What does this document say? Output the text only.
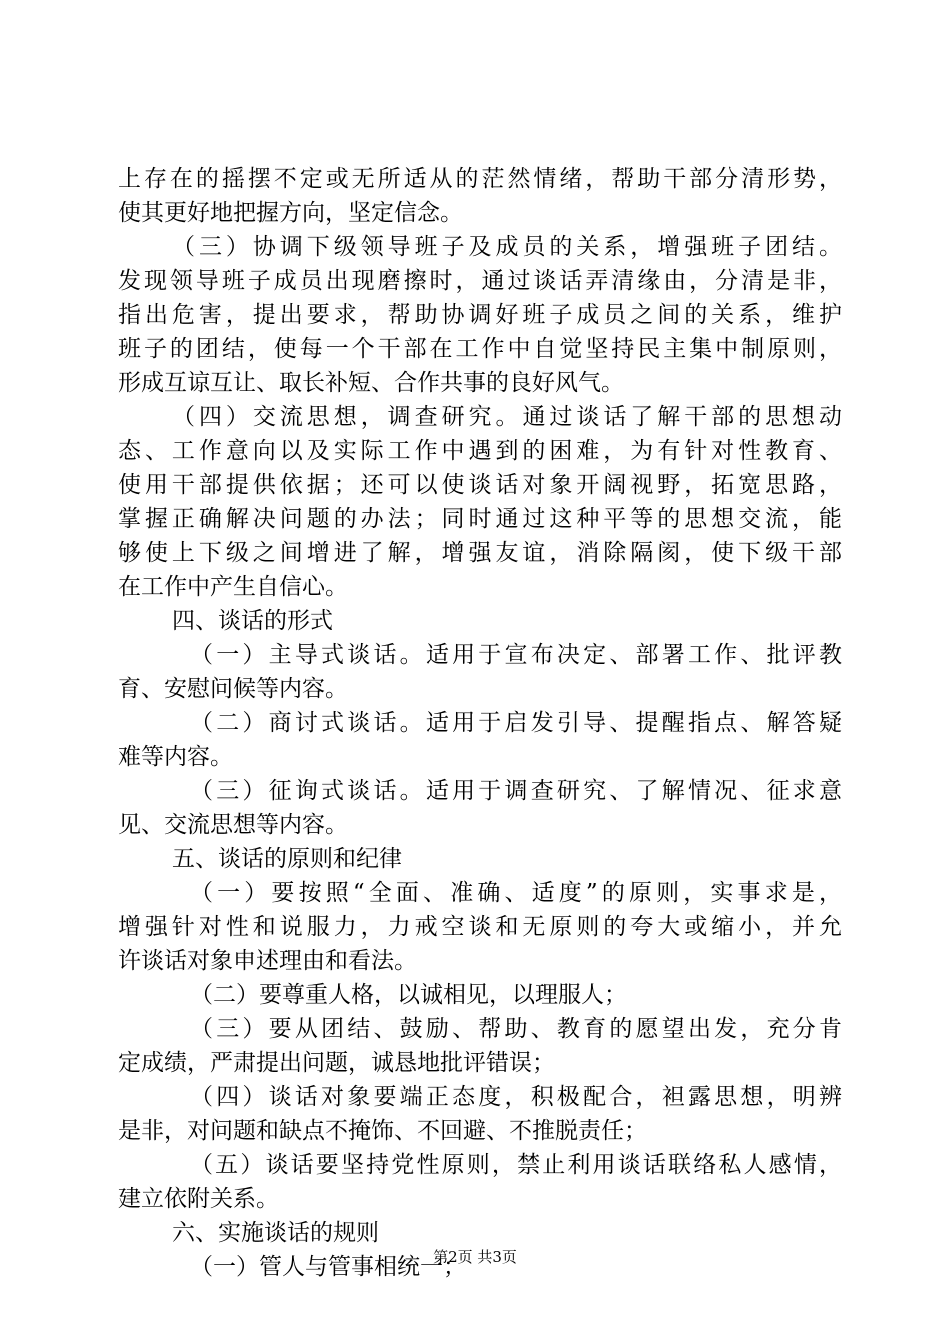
上存在的摇摆不定或无所适从的茫然情绪，帮助干部分清形势，
使其更好地把握方向，坚定信念。
（三）协调下级领导班子及成员的关系，增强班子团结。
发现领导班子成员出现磨擦时，通过谈话弄清缘由，分清是非，
指出危害，提出要求，帮助协调好班子成员之间的关系，维护
班子的团结，使每一个干部在工作中自觉坚持民主集中制原则，
形成互谅互让、取长补短、合作共事的良好风气。
（四）交流思想，调查研究。通过谈话了解干部的思想动
态、工作意向以及实际工作中遇到的困难，为有针对性教育、
使用干部提供依据；还可以使谈话对象开阔视野，拓宽思路，
掌握正确解决问题的办法；同时通过这种平等的思想交流，能
够使上下级之间增进了解，增强友谊，消除隔阂，使下级干部
在工作中产生自信心。
四、谈话的形式
（一）主导式谈话。适用于宣布决定、部署工作、批评教
育、安慰问候等内容。
（二）商讨式谈话。适用于启发引导、提醒指点、解答疑
难等内容。
（三）征询式谈话。适用于调查研究、了解情况、征求意
见、交流思想等内容。
五、谈话的原则和纪律
（一）要按照“全面、准确、适度”的原则，实事求是，
增强针对性和说服力，力戒空谈和无原则的夸大或缩小，并允
许谈话对象申述理由和看法。
（二）要尊重人格，以诚相见，以理服人；
（三）要从团结、鼓励、帮助、教育的愿望出发，充分肯
定成绩，严肃提出问题，诚恳地批评错误；
（四）谈话对象要端正态度，积极配合，袒露思想，明辨
是非，对问题和缺点不掩饰、不回避、不推脱责任；
（五）谈话要坚持党性原则，禁止利用谈话联络私人感情，
建立依附关系。
六、实施谈话的规则
（一）管人与管事相统一；
第2页 共3页
